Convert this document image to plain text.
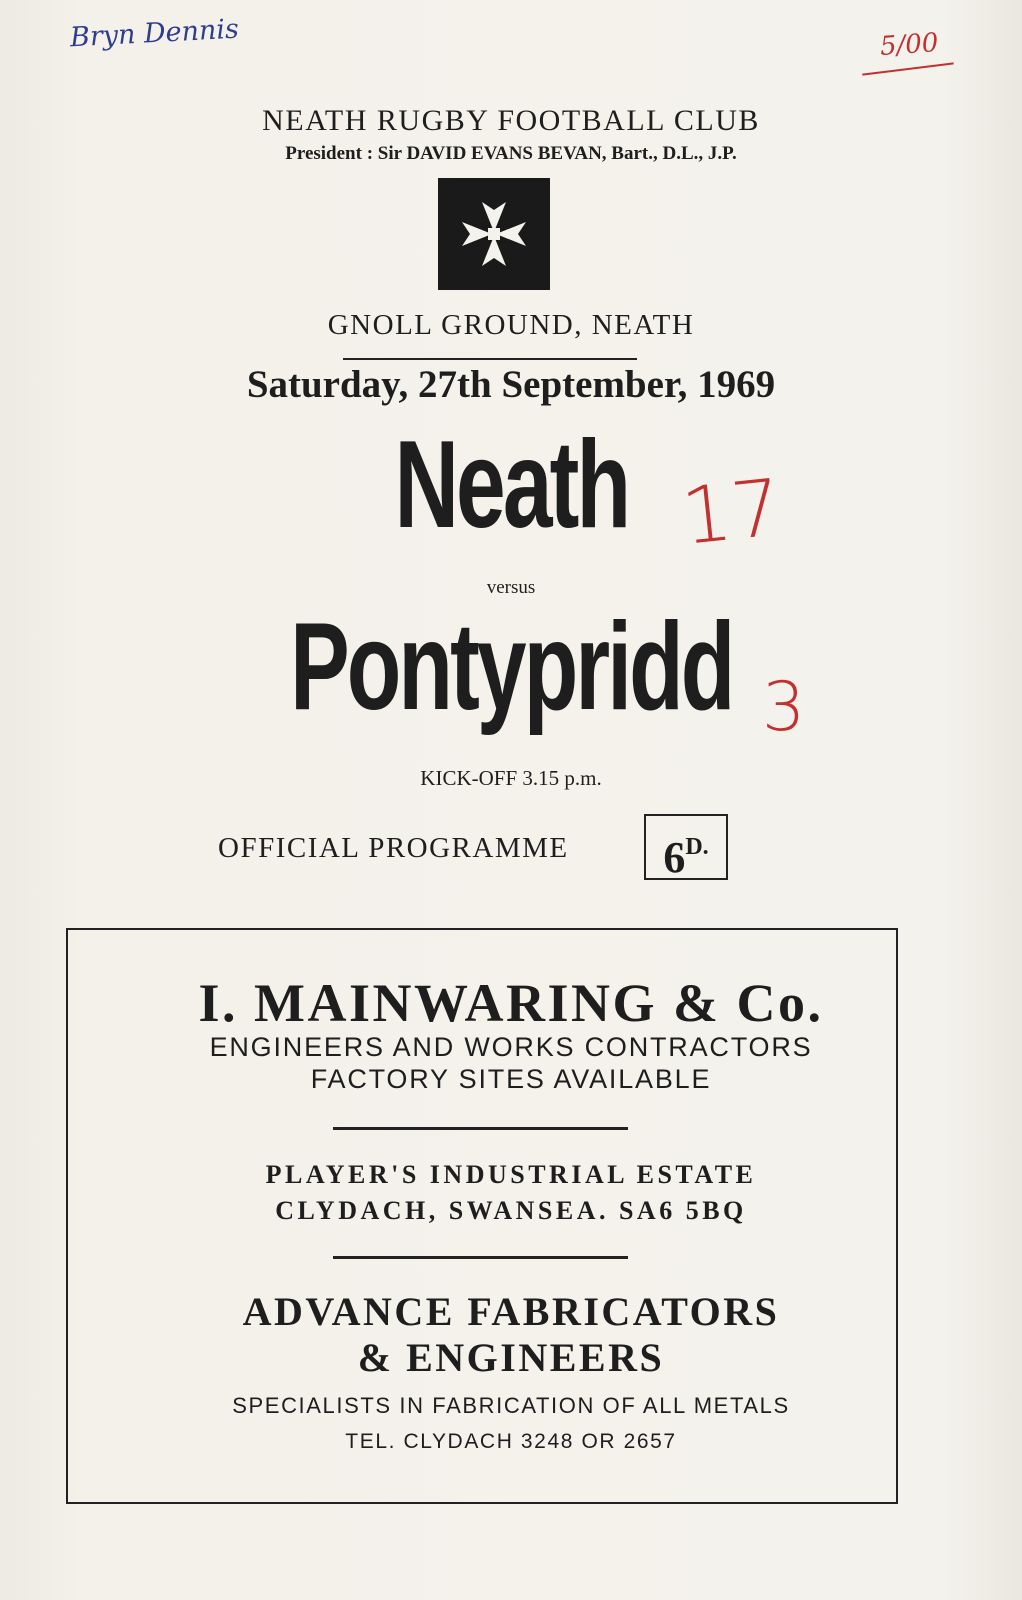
Bryn Dennis	5/00
NEATH RUGBY FOOTBALL CLUB
President : Sir DAVID EVANS BEVAN, Bart., D.L., J.P.
GNOLL GROUND, NEATH
Saturday, 27th September, 1969
Neath 17
versus
Pontypridd 3
KICK-OFF 3.15 p.m.
OFFICIAL PROGRAMME	$6^{D.}$
I. MAINWARING & Co.
ENGINEERS AND WORKS CONTRACTORS
FACTORY SITES AVAILABLE
PLAYER'S INDUSTRIAL ESTATE
CLYDACH, SWANSEA. SA6 5BQ
ADVANCE FABRICATORS
& ENGINEERS
SPECIALISTS IN FABRICATION OF ALL METALS
TEL. CLYDACH 3248 OR 2657
